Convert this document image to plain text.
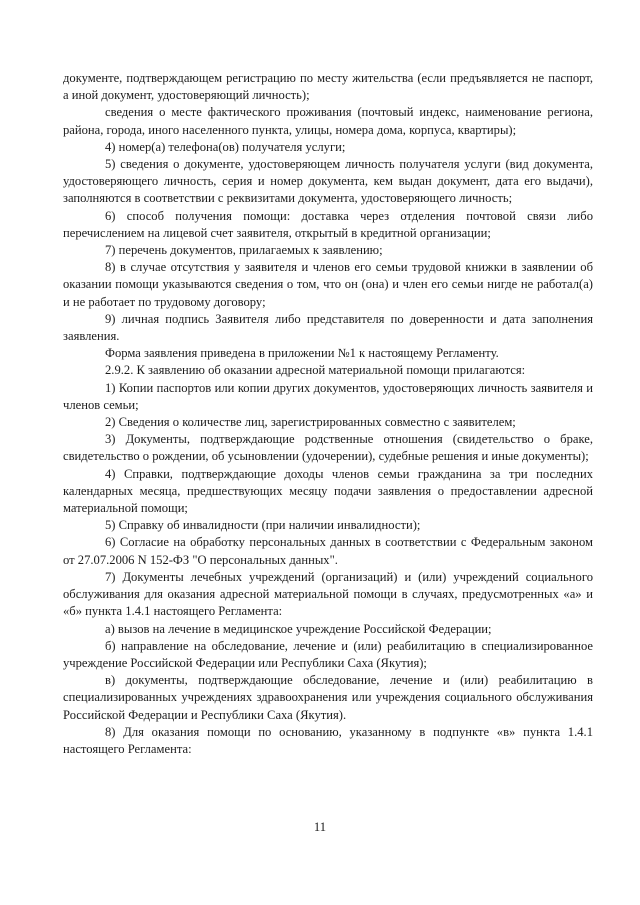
документе, подтверждающем регистрацию по месту жительства (если предъявляется не паспорт, а иной документ, удостоверяющий личность);

сведения о месте фактического проживания (почтовый индекс, наименование региона, района, города, иного населенного пункта, улицы, номера дома, корпуса, квартиры);

4) номер(а) телефона(ов) получателя услуги;

5) сведения о документе, удостоверяющем личность получателя услуги (вид документа, удостоверяющего личность, серия и номер документа, кем выдан документ, дата его выдачи), заполняются в соответствии с реквизитами документа, удостоверяющего личность;

6) способ получения помощи: доставка через отделения почтовой связи либо перечислением на лицевой счет заявителя, открытый в кредитной организации;

7) перечень документов, прилагаемых к заявлению;

8) в случае отсутствия у заявителя и членов его семьи трудовой книжки в заявлении об оказании помощи указываются сведения о том, что он (она) и член его семьи нигде не работал(а) и не работает по трудовому договору;

9) личная подпись Заявителя либо представителя по доверенности и дата заполнения заявления.

Форма заявления приведена в приложении №1 к настоящему Регламенту.

2.9.2. К заявлению об оказании адресной материальной помощи прилагаются:

1) Копии паспортов или копии других документов, удостоверяющих личность заявителя и членов семьи;

2) Сведения о количестве лиц, зарегистрированных совместно с заявителем;

3) Документы, подтверждающие родственные отношения (свидетельство о браке, свидетельство о рождении, об усыновлении (удочерении), судебные решения и иные документы);

4) Справки, подтверждающие доходы членов семьи гражданина за три последних календарных месяца, предшествующих месяцу подачи заявления о предоставлении адресной материальной помощи;

5) Справку об инвалидности (при наличии инвалидности);

6) Согласие на обработку персональных данных в соответствии с Федеральным законом от 27.07.2006 N 152-ФЗ "О персональных данных".

7) Документы лечебных учреждений (организаций) и (или) учреждений социального обслуживания для оказания адресной материальной помощи в случаях, предусмотренных «а» и «б» пункта 1.4.1 настоящего Регламента:

а) вызов на лечение в медицинское учреждение Российской Федерации;

б) направление на обследование, лечение и (или) реабилитацию в специализированное учреждение Российской Федерации или Республики Саха (Якутия);

в) документы, подтверждающие обследование, лечение и (или) реабилитацию в специализированных учреждениях здравоохранения или учреждения социального обслуживания Российской Федерации и Республики Саха (Якутия).

8) Для оказания помощи по основанию, указанному в подпункте «в» пункта 1.4.1 настоящего Регламента:

11
